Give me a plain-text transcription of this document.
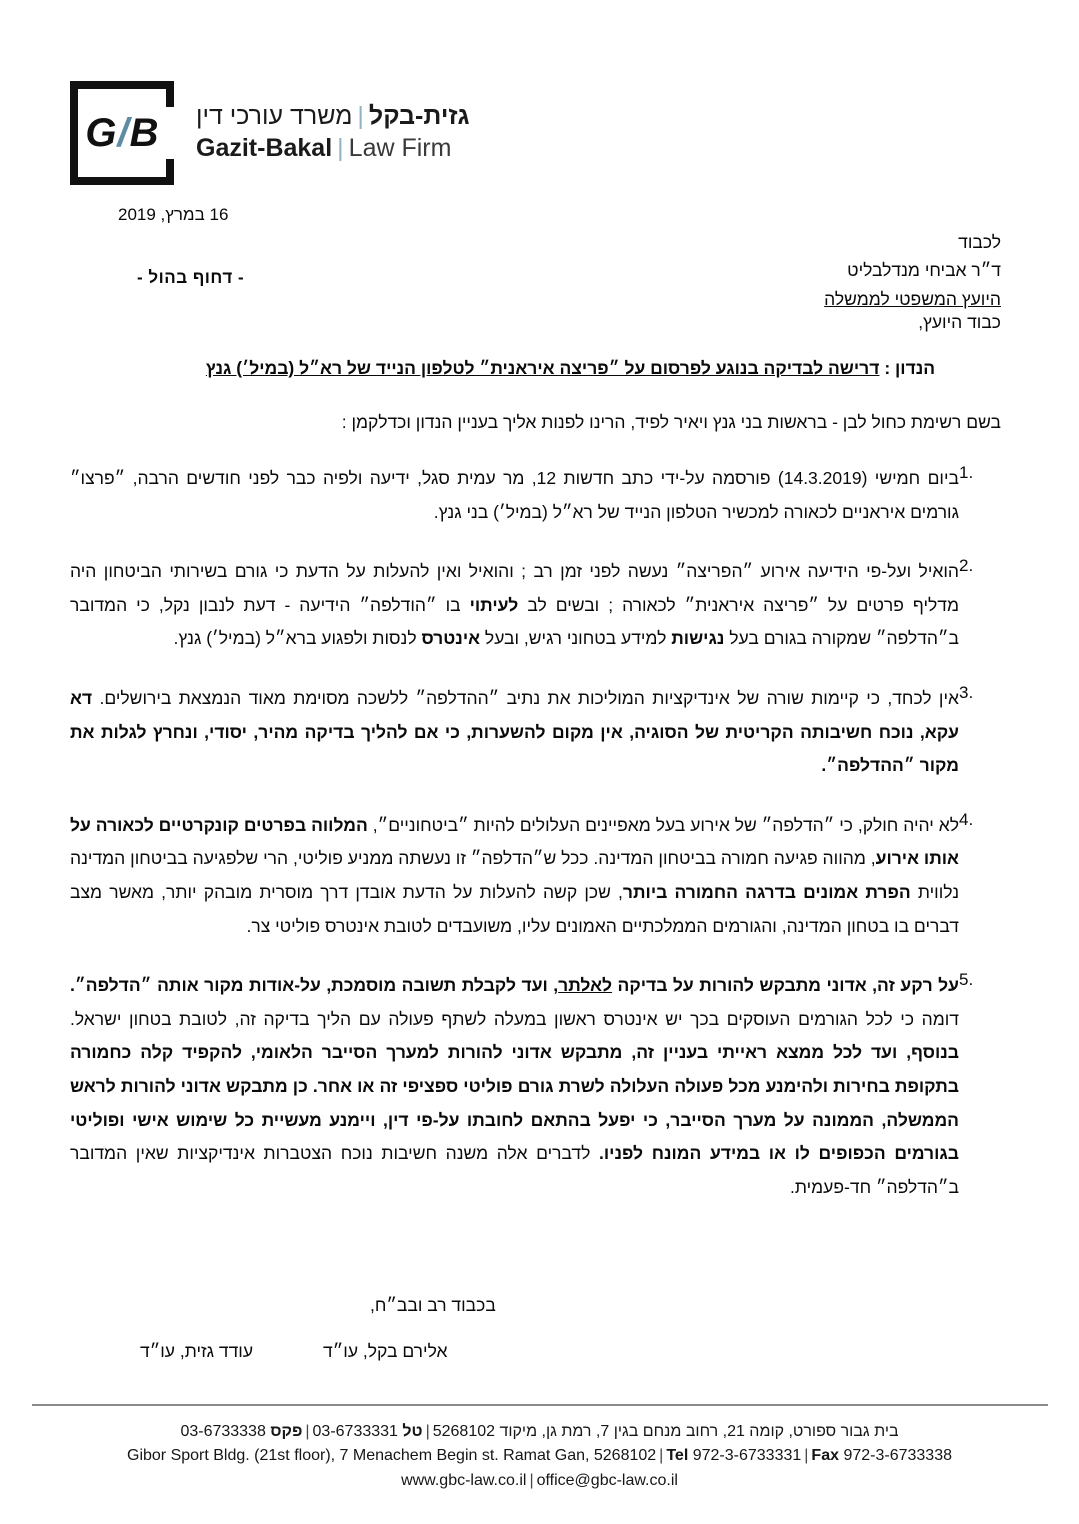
G / B	גזית-בקל|משרד עורכי דין
Gazit-Bakal | Law Firm
16 במרץ, 2019
- דחוף בהול -
לכבוד
ד״ר אביחי מנדלבליט
היועץ המשפטי לממשלה
כבוד היועץ,
הנדון : דרישה לבדיקה בנוגע לפרסום על ״פריצה איראנית״ לטלפון הנייד של רא״ל (במיל׳) גנץ
בשם רשימת כחול לבן - בראשות בני גנץ ויאיר לפיד, הרינו לפנות אליך בעניין הנדון וכדלקמן :
1.
ביום חמישי (14.3.2019) פורסמה על-ידי כתב חדשות 12, מר עמית סגל, ידיעה ולפיה כבר לפני חודשים הרבה, ״פרצו״ גורמים איראניים לכאורה למכשיר הטלפון הנייד של רא״ל (במיל׳) בני גנץ.
2.
הואיל ועל-פי הידיעה אירוע ״הפריצה״ נעשה לפני זמן רב ; והואיל ואין להעלות על הדעת כי גורם בשירותי הביטחון היה מדליף פרטים על ״פריצה איראנית״ לכאורה ; ובשים לב לעיתוי בו ״הודלפה״ הידיעה - דעת לנבון נקל, כי המדובר ב״הדלפה״ שמקורה בגורם בעל נגישות למידע בטחוני רגיש, ובעל אינטרס לנסות ולפגוע ברא״ל (במיל׳) גנץ.
3.
אין לכחד, כי קיימות שורה של אינדיקציות המוליכות את נתיב ״ההדלפה״ ללשכה מסוימת מאוד הנמצאת בירושלים. דא עקא, נוכח חשיבותה הקריטית של הסוגיה, אין מקום להשערות, כי אם להליך בדיקה מהיר, יסודי, ונחרץ לגלות את מקור ״ההדלפה״.
4.
לא יהיה חולק, כי ״הדלפה״ של אירוע בעל מאפיינים העלולים להיות ״ביטחוניים״, המלווה בפרטים קונקרטיים לכאורה על אותו אירוע, מהווה פגיעה חמורה בביטחון המדינה. ככל ש״הדלפה״ זו נעשתה ממניע פוליטי, הרי שלפגיעה בביטחון המדינה נלווית הפרת אמונים בדרגה החמורה ביותר, שכן קשה להעלות על הדעת אובדן דרך מוסרית מובהק יותר, מאשר מצב דברים בו בטחון המדינה, והגורמים הממלכתיים האמונים עליו, משועבדים לטובת אינטרס פוליטי צר.
5.
על רקע זה, אדוני מתבקש להורות על בדיקה לאלתר, ועד לקבלת תשובה מוסמכת, על-אודות מקור אותה ״הדלפה״. דומה כי לכל הגורמים העוסקים בכך יש אינטרס ראשון במעלה לשתף פעולה עם הליך בדיקה זה, לטובת בטחון ישראל. בנוסף, ועד לכל ממצא ראייתי בעניין זה, מתבקש אדוני להורות למערך הסייבר הלאומי, להקפיד קלה כחמורה בתקופת בחירות ולהימנע מכל פעולה העלולה לשרת גורם פוליטי ספציפי זה או אחר. כן מתבקש אדוני להורות לראש הממשלה, הממונה על מערך הסייבר, כי יפעל בהתאם לחובתו על-פי דין, ויימנע מעשיית כל שימוש אישי ופוליטי בגורמים הכפופים לו או במידע המונח לפניו. לדברים אלה משנה חשיבות נוכח הצטברות אינדיקציות שאין המדובר ב״הדלפה״ חד-פעמית.
בכבוד רב ובב״ח,
עודד גזית, עו״ד	אלירם בקל, עו״ד
בית גבור ספורט, קומה 21, רחוב מנחם בגין 7, רמת גן, מיקוד 5268102|טל 03-6733331|פקס 03-6733338
Gibor Sport Bldg. (21st floor), 7 Menachem Begin st. Ramat Gan, 5268102 | Tel 972-3-6733331 | Fax 972-3-6733338
www.gbc-law.co.il | office@gbc-law.co.il
